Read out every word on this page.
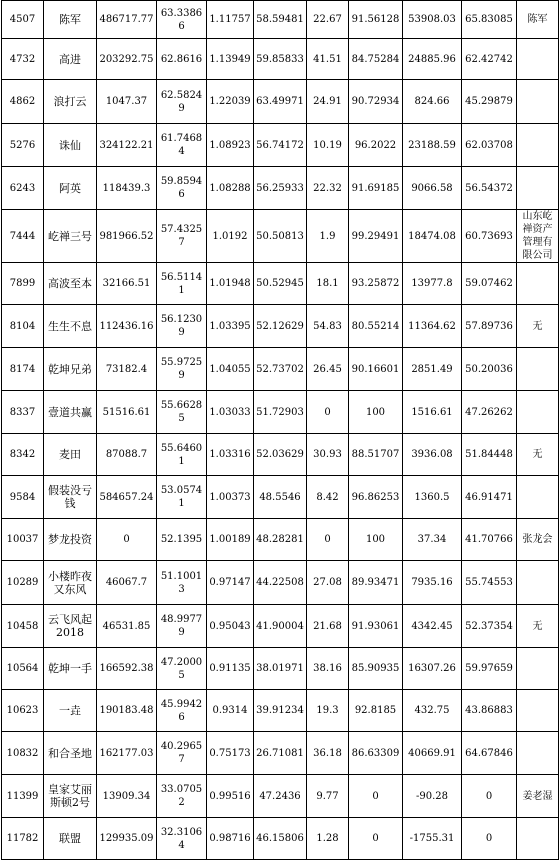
4507	陈军	486717.77	63.33866	1.11757	58.59481	22.67	91.56128	53908.03	65.83085	陈军
4732	高进	203292.75	62.8616	1.13949	59.85833	41.51	84.75284	24885.96	62.42742	
4862	浪打云	1047.37	62.58249	1.22039	63.49971	24.91	90.72934	824.66	45.29879	
5276	诛仙	324122.21	61.74684	1.08923	56.74172	10.19	96.2022	23188.59	62.03708	
6243	阿英	118439.3	59.85946	1.08288	56.25933	22.32	91.69185	9066.58	56.54372	
7444	屹禅三号	981966.52	57.43257	1.0192	50.50813	1.9	99.29491	18474.08	60.73693	山东屹禅资产管理有限公司
7899	高波至本	32166.51	56.51141	1.01948	50.52945	18.1	93.25872	13977.8	59.07462	
8104	生生不息	112436.16	56.12309	1.03395	52.12629	54.83	80.55214	11364.62	57.89736	无
8174	乾坤兄弟	73182.4	55.97259	1.04055	52.73702	26.45	90.16601	2851.49	50.20036	
8337	壹道共赢	51516.61	55.66285	1.03033	51.72903	0	100	1516.61	47.26262	
8342	麦田	87088.7	55.64601	1.03316	52.03629	30.93	88.51707	3936.08	51.84448	无
9584	假装没亏钱	584657.24	53.05741	1.00373	48.5546	8.42	96.86253	1360.5	46.91471	
10037	梦龙投资	0	52.1395	1.00189	48.28281	0	100	37.34	41.70766	张龙会
10289	小楼昨夜又东风	46067.7	51.10013	0.97147	44.22508	27.08	89.93471	7935.16	55.74553	
10458	云飞风起2018	46531.85	48.99779	0.95043	41.90004	21.68	91.93061	4342.45	52.37354	无
10564	乾坤一手	166592.38	47.20005	0.91135	38.01971	38.16	85.90935	16307.26	59.97659	
10623	一垚	190183.48	45.99426	0.9314	39.91234	19.3	92.8185	432.75	43.86883	
10832	和合圣地	162177.03	40.29657	0.75173	26.71081	36.18	86.63309	40669.91	64.67846	
11399	皇家艾丽斯顿2号	13909.34	33.07052	0.99516	47.2436	9.77	0	-90.28	0	姜老湿
11782	联盟	129935.09	32.31064	0.98716	46.15806	1.28	0	-1755.31	0	
